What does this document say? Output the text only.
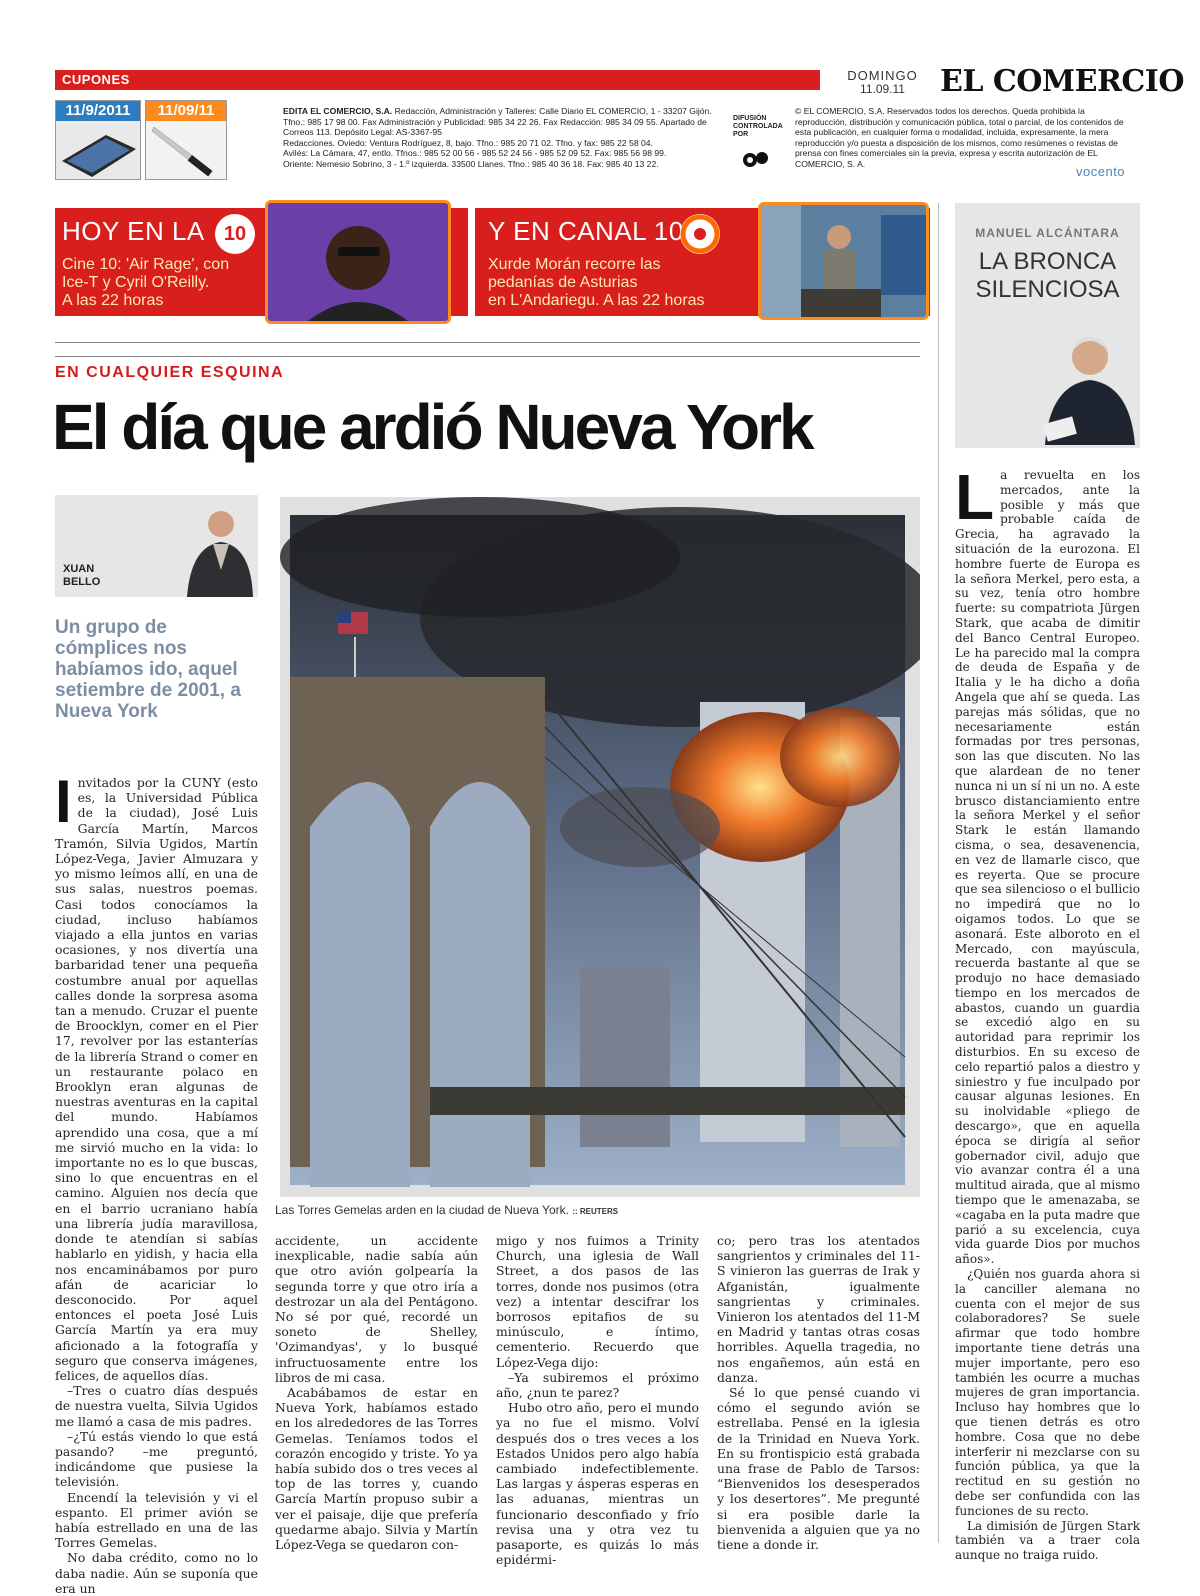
CUPONES	DOMINGO
11.09.11	EL COMERCIO
11/9/2011	11/09/11	EDITA EL COMERCIO, S.A. Redacción, Administración y Talleres: Calle Diario EL COMERCIO, 1 - 33207 Gijón. Tfno.: 985 17 98 00. Fax Administración y Publicidad: 985 34 22 26. Fax Redacción: 985 34 09 55. Apartado de Correos 113. Depósito Legal: AS-3367-95
Redacciones. Oviedo: Ventura Rodríguez, 8, bajo. Tfno.: 985 20 71 02. Tfno. y fax: 985 22 58 04.
Avilés: La Cámara, 47, entlo. Tfnos.: 985 52 00 56 - 985 52 24 56 - 985 52 09 52. Fax: 985 56 98 99.
Oriente: Nemesio Sobrino, 3 - 1.º izquierda. 33500 Llanes. Tfno.: 985 40 36 18. Fax: 985 40 13 22.
DIFUSIÓN CONTROLADA POR
© EL COMERCIO, S.A. Reservados todos los derechos. Queda prohibida la reproducción, distribución y comunicación pública, total o parcial, de los contenidos de esta publicación, en cualquier forma o modalidad, incluida, expresamente, la mera reproducción y/o puesta a disposición de los mismos, como resúmenes o revistas de prensa con fines comerciales sin la previa, expresa y escrita autorización de EL COMERCIO, S. A.
vocento
HOY EN LA 10
Cine 10: 'Air Rage', con
Ice-T y Cyril O'Reilly.
A las 22 horas
Y EN CANAL 10
Xurde Morán recorre las
pedanías de Asturias
en L'Andariegu. A las 22 horas
MANUEL ALCÁNTARA
LA BRONCA
SILENCIOSA
EN CUALQUIER ESQUINA
El día que ardió Nueva York
XUAN
BELLO
Un grupo de cómplices nos habíamos ido, aquel setiembre de 2001, a Nueva York
Las Torres Gemelas arden en la ciudad de Nueva York. :: REUTERS
I nvitados por la CUNY (esto es, la Universidad Pública de la ciudad), José Luis García Martín, Marcos Tramón, Silvia Ugidos, Martín López-Vega, Javier Almuzara y yo mismo leímos allí, en una de sus salas, nuestros poemas. Casi todos conocíamos la ciudad, incluso habíamos viajado a ella juntos en varias ocasiones, y nos divertía una barbaridad tener una pequeña costumbre anual por aquellas calles donde la sorpresa asoma tan a menudo. Cruzar el puente de Broocklyn, comer en el Pier 17, revolver por las estanterías de la librería Strand o comer en un restaurante polaco en Brooklyn eran algunas de nuestras aventuras en la capital del mundo. Habíamos aprendido una cosa, que a mí me sirvió mucho en la vida: lo importante no es lo que buscas, sino lo que encuentras en el camino. Alguien nos decía que en el barrio ucraniano había una librería judía maravillosa, donde te atendían si sabías hablarlo en yidish, y hacia ella nos encaminábamos por puro afán de acariciar lo desconocido. Por aquel entonces el poeta José Luis García Martín ya era muy aficionado a la fotografía y seguro que conserva imágenes, felices, de aquellos días.

–Tres o cuatro días después de nuestra vuelta, Silvia Ugidos me llamó a casa de mis padres.

–¿Tú estás viendo lo que está pasando? –me preguntó, indicándome que pusiese la televisión.

Encendí la televisión y vi el espanto. El primer avión se había estrellado en una de las Torres Gemelas.

No daba crédito, como no lo daba nadie. Aún se suponía que era un

accidente, un accidente inexplicable, nadie sabía aún que otro avión golpearía la segunda torre y que otro iría a destrozar un ala del Pentágono. No sé por qué, recordé un soneto de Shelley, 'Ozimandyas', y lo busqué infructuosamente entre los libros de mi casa.

Acabábamos de estar en Nueva York, habíamos estado en los alrededores de las Torres Gemelas. Teníamos todos el corazón encogido y triste. Yo ya había subido dos o tres veces al top de las torres y, cuando García Martín propuso subir a ver el paisaje, dije que prefería quedarme abajo. Silvia y Martín López-Vega se quedaron con-

migo y nos fuimos a Trinity Church, una iglesia de Wall Street, a dos pasos de las torres, donde nos pusimos (otra vez) a intentar descifrar los borrosos epitafios de su minúsculo, e íntimo, cementerio. Recuerdo que López-Vega dijo:

–Ya subiremos el próximo año, ¿nun te parez?

Hubo otro año, pero el mundo ya no fue el mismo. Volví después dos o tres veces a los Estados Unidos pero algo había cambiado indefectiblemente. Las largas y ásperas esperas en las aduanas, mientras un funcionario desconfiado y frío revisa una y otra vez tu pasaporte, es quizás lo más epidérmi-

co; pero tras los atentados sangrientos y criminales del 11-S vinieron las guerras de Irak y Afganistán, igualmente sangrientas y criminales. Vinieron los atentados del 11-M en Madrid y tantas otras cosas horribles. Aquella tragedia, no nos engañemos, aún está en danza.

Sé lo que pensé cuando vi cómo el segundo avión se estrellaba. Pensé en la iglesia de la Trinidad en Nueva York. En su frontispicio está grabada una frase de Pablo de Tarsos: “Bienvenidos los desesperados y los desertores”. Me pregunté si era posible darle la bienvenida a alguien que ya no tiene a donde ir.

L a revuelta en los mercados, ante la posible y más que probable caída de Grecia, ha agravado la situación de la eurozona. El hombre fuerte de Europa es la señora Merkel, pero esta, a su vez, tenía otro hombre fuerte: su compatriota Jürgen Stark, que acaba de dimitir del Banco Central Europeo. Le ha parecido mal la compra de deuda de España y de Italia y le ha dicho a doña Angela que ahí se queda. Las parejas más sólidas, que no necesariamente están formadas por tres personas, son las que discuten. No las que alardean de no tener nunca ni un sí ni un no. A este brusco distanciamiento entre la señora Merkel y el señor Stark le están llamando cisma, o sea, desavenencia, en vez de llamarle cisco, que es reyerta. Que se procure que sea silencioso o el bullicio no impedirá que no lo oigamos todos. Lo que se asonará. Este alboroto en el Mercado, con mayúscula, recuerda bastante al que se produjo no hace demasiado tiempo en los mercados de abastos, cuando un guardia se excedió algo en su autoridad para reprimir los disturbios. En su exceso de celo repartió palos a diestro y siniestro y fue inculpado por causar algunas lesiones. En su inolvidable «pliego de descargo», que en aquella época se dirigía al señor gobernador civil, adujo que vio avanzar contra él a una multitud airada, que al mismo tiempo que le amenazaba, se «cagaba en la puta madre que parió a su excelencia, cuya vida guarde Dios por muchos años».

¿Quién nos guarda ahora si la canciller alemana no cuenta con el mejor de sus colaboradores? Se suele afirmar que todo hombre importante tiene detrás una mujer importante, pero eso también les ocurre a muchas mujeres de gran importancia. Incluso hay hombres que lo que tienen detrás es otro hombre. Cosa que no debe interferir ni mezclarse con su función pública, ya que la rectitud en su gestión no debe ser confundida con las funciones de su recto.

La dimisión de Jürgen Stark también va a traer cola aunque no traiga ruido.
